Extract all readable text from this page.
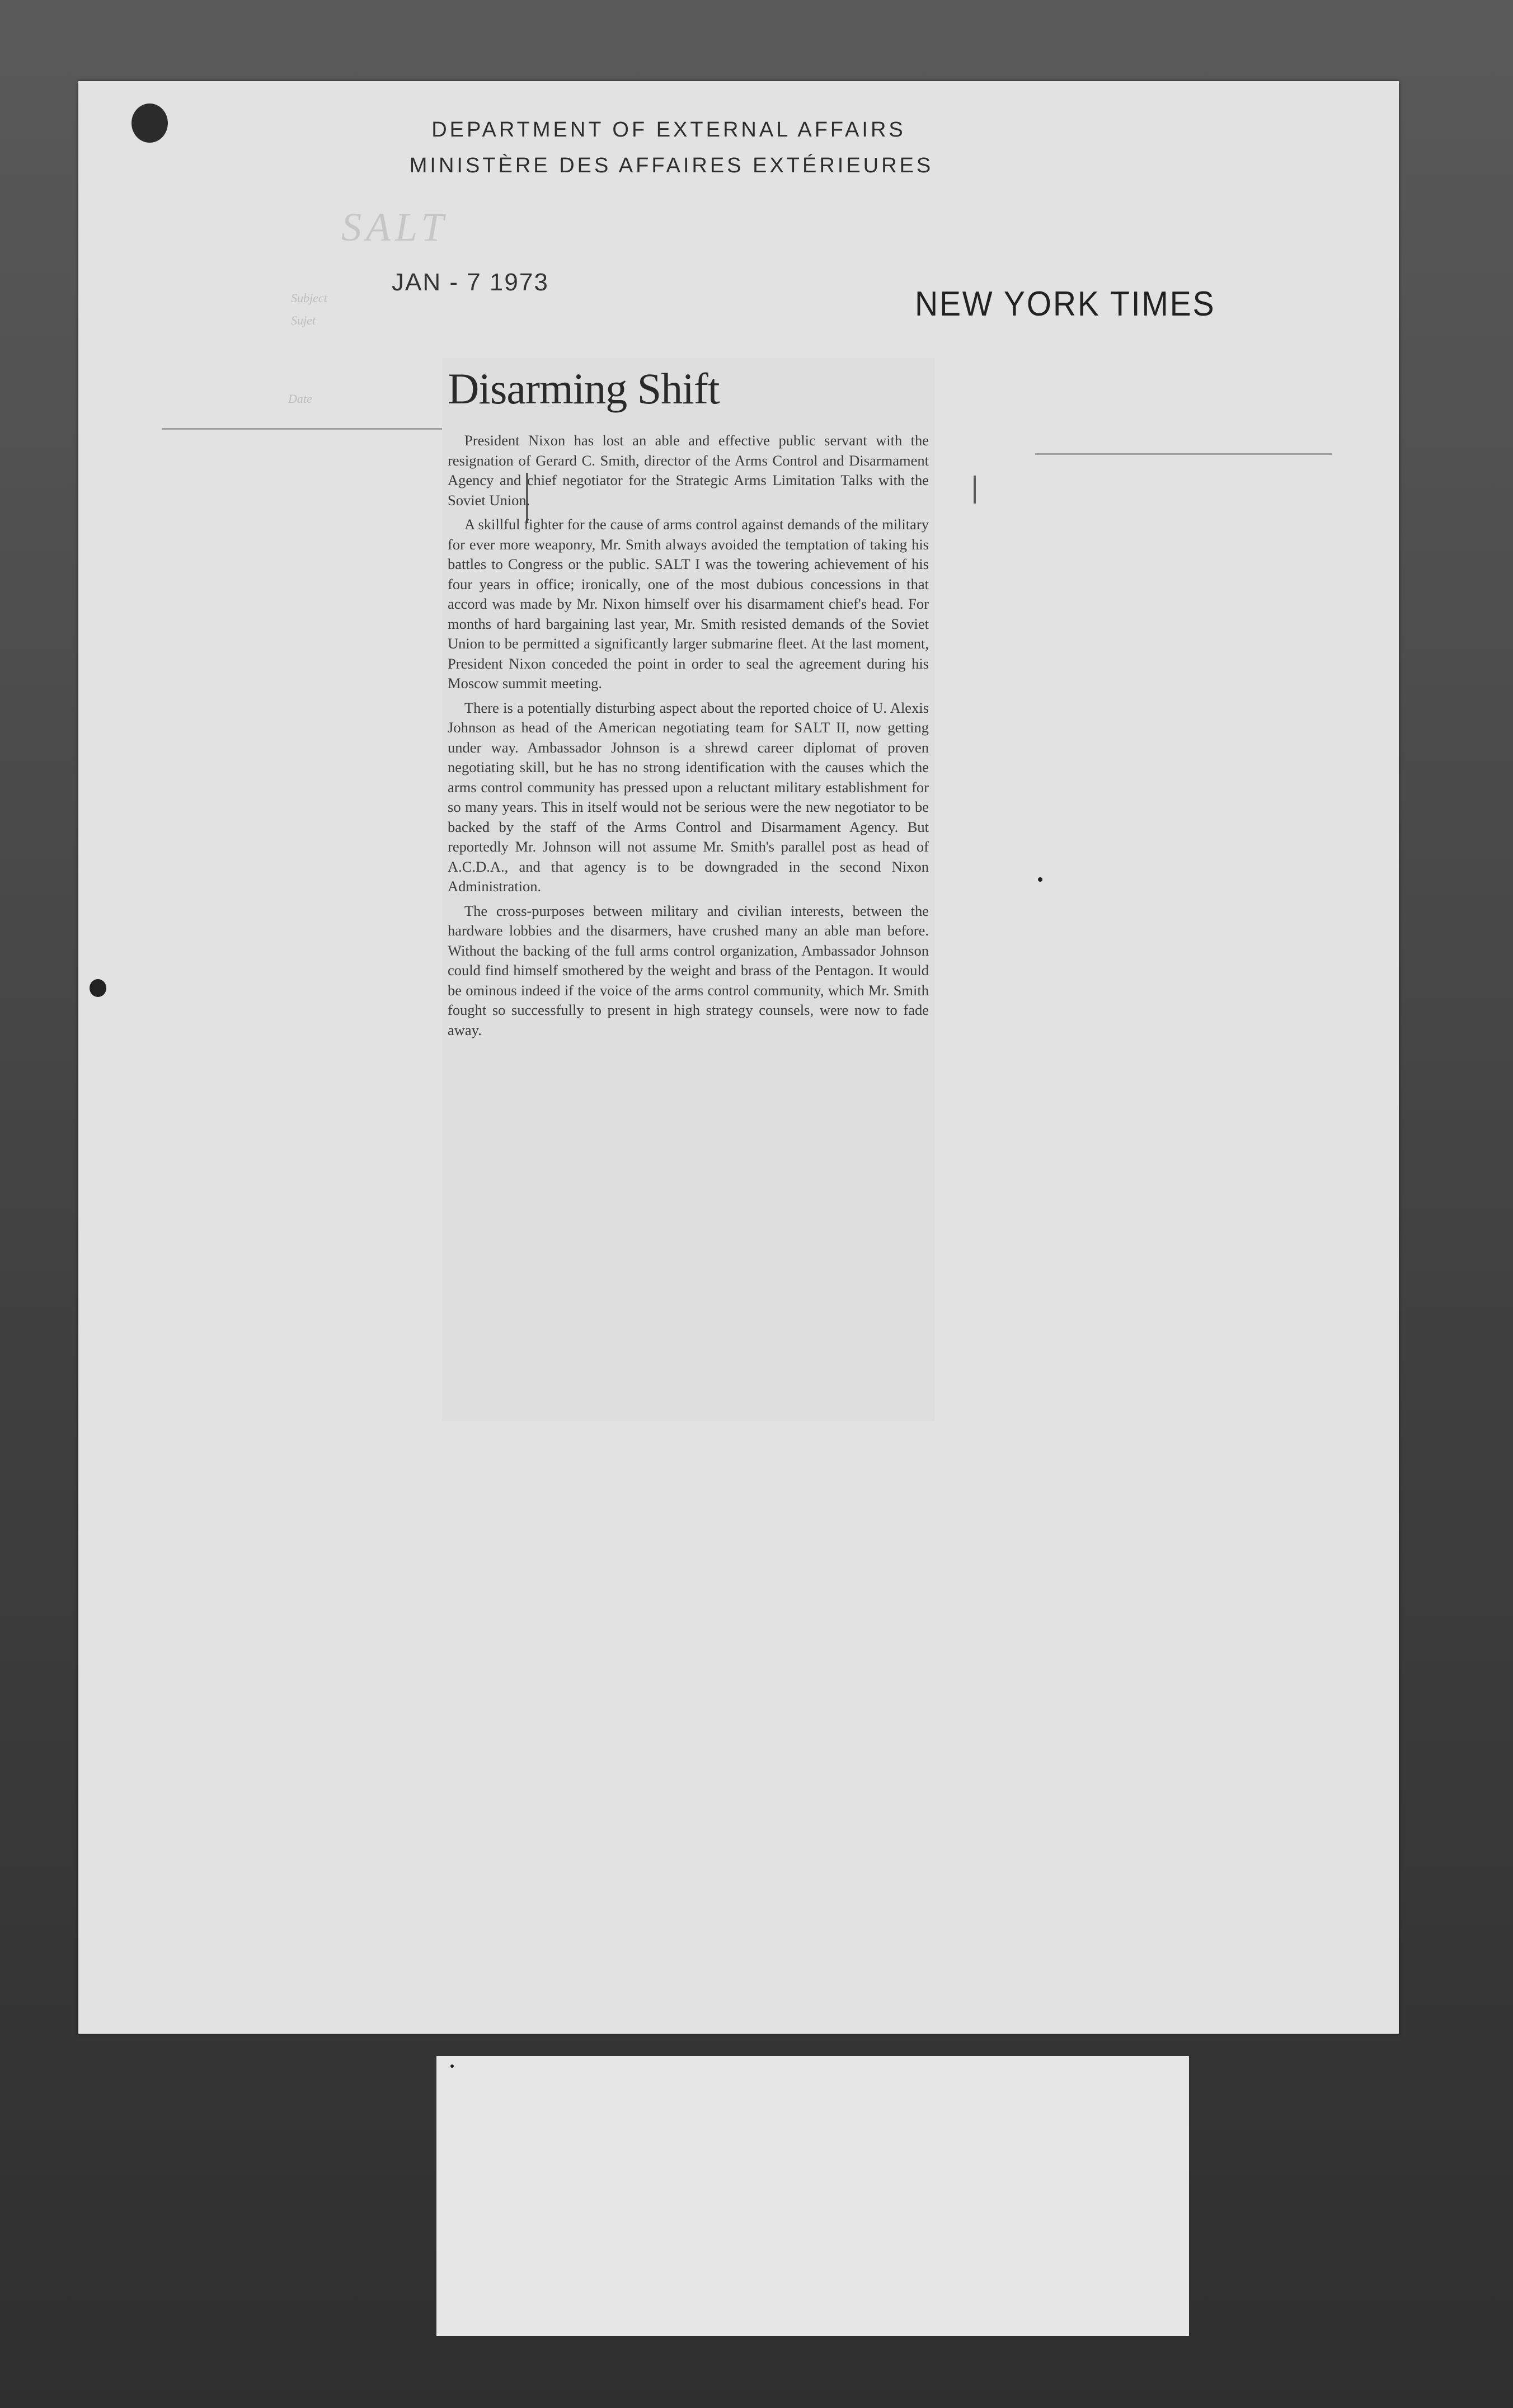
DEPARTMENT OF EXTERNAL AFFAIRS
MINISTÈRE DES AFFAIRES EXTÉRIEURES
Subject
Sujet
SALT
Date
JAN - 7 1973
NEW YORK TIMES
Disarming Shift

President Nixon has lost an able and effective public servant with the resignation of Gerard C. Smith, director of the Arms Control and Disarmament Agency and chief negotiator for the Strategic Arms Limitation Talks with the Soviet Union.

A skillful fighter for the cause of arms control against demands of the military for ever more weaponry, Mr. Smith always avoided the temptation of taking his battles to Congress or the public. SALT I was the towering achievement of his four years in office; ironically, one of the most dubious concessions in that accord was made by Mr. Nixon himself over his disarmament chief's head. For months of hard bargaining last year, Mr. Smith resisted demands of the Soviet Union to be permitted a significantly larger submarine fleet. At the last moment, President Nixon conceded the point in order to seal the agreement during his Moscow summit meeting.

There is a potentially disturbing aspect about the reported choice of U. Alexis Johnson as head of the American negotiating team for SALT II, now getting under way. Ambassador Johnson is a shrewd career diplomat of proven negotiating skill, but he has no strong identification with the causes which the arms control community has pressed upon a reluctant military establishment for so many years. This in itself would not be serious were the new negotiator to be backed by the staff of the Arms Control and Disarmament Agency. But reportedly Mr. Johnson will not assume Mr. Smith's parallel post as head of A.C.D.A., and that agency is to be downgraded in the second Nixon Administration.

The cross-purposes between military and civilian interests, between the hardware lobbies and the disarmers, have crushed many an able man before. Without the backing of the full arms control organization, Ambassador Johnson could find himself smothered by the weight and brass of the Pentagon. It would be ominous indeed if the voice of the arms control community, which Mr. Smith fought so successfully to present in high strategy counsels, were now to fade away.
